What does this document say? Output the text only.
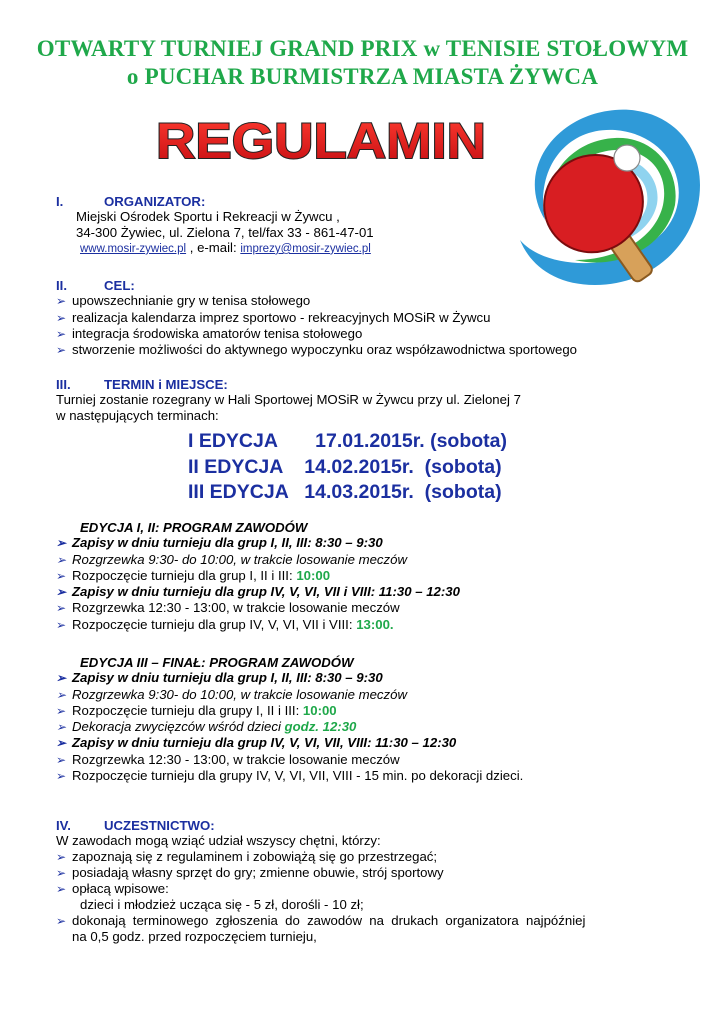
OTWARTY TURNIEJ GRAND PRIX w TENISIE STOŁOWYM
o PUCHAR BURMISTRZA MIASTA ŻYWCA
REGULAMIN
I.	ORGANIZATOR:
Miejski Ośrodek Sportu i Rekreacji w Żywcu ,
34-300 Żywiec, ul. Zielona 7, tel/fax 33 - 861-47-01
www.mosir-zywiec.pl , e-mail: imprezy@mosir-zywiec.pl
II.	CEL:
➢ upowszechnianie gry w tenisa stołowego
➢ realizacja kalendarza imprez sportowo - rekreacyjnych MOSiR w Żywcu
➢ integracja środowiska amatorów tenisa stołowego
➢ stworzenie możliwości do aktywnego wypoczynku oraz współzawodnictwa sportowego
III.	TERMIN i MIEJSCE:
Turniej zostanie rozegrany w Hali Sportowej MOSiR w Żywcu przy ul. Zielonej 7
w następujących terminach:
I EDYCJA       17.01.2015r. (sobota)
II EDYCJA    14.02.2015r.  (sobota)
III EDYCJA   14.03.2015r.  (sobota)
EDYCJA I, II: PROGRAM ZAWODÓW
➢ Zapisy w dniu turnieju dla grup I, II, III: 8:30 – 9:30
➢ Rozgrzewka 9:30- do 10:00, w trakcie losowanie meczów
➢ Rozpoczęcie turnieju dla grup I, II i III: 10:00
➢ Zapisy w dniu turnieju dla grup IV, V, VI, VII i VIII: 11:30 – 12:30
➢ Rozgrzewka 12:30 - 13:00, w trakcie losowanie meczów
➢ Rozpoczęcie turnieju dla grup IV, V, VI, VII i VIII: 13:00.
EDYCJA III – FINAŁ: PROGRAM ZAWODÓW
➢ Zapisy w dniu turnieju dla grup I, II, III: 8:30 – 9:30
➢ Rozgrzewka 9:30- do 10:00, w trakcie losowanie meczów
➢ Rozpoczęcie turnieju dla grupy I, II i III: 10:00
➢ Dekoracja zwycięzców wśród dzieci godz. 12:30
➢ Zapisy w dniu turnieju dla grup IV, V, VI, VII, VIII: 11:30 – 12:30
➢ Rozgrzewka 12:30 - 13:00, w trakcie losowanie meczów
➢ Rozpoczęcie turnieju dla grupy IV, V, VI, VII, VIII - 15 min. po dekoracji dzieci.
IV.	UCZESTNICTWO:
W zawodach mogą wziąć udział wszyscy chętni, którzy:
➢ zapoznają się z regulaminem i zobowiążą się go przestrzegać;
➢ posiadają własny sprzęt do gry; zmienne obuwie, strój sportowy
➢ opłacą wpisowe:
dzieci i młodzież ucząca się - 5 zł, dorośli - 10 zł;
➢ dokonają terminowego zgłoszenia do zawodów na drukach organizatora najpóźniej
na 0,5 godz. przed rozpoczęciem turnieju,
